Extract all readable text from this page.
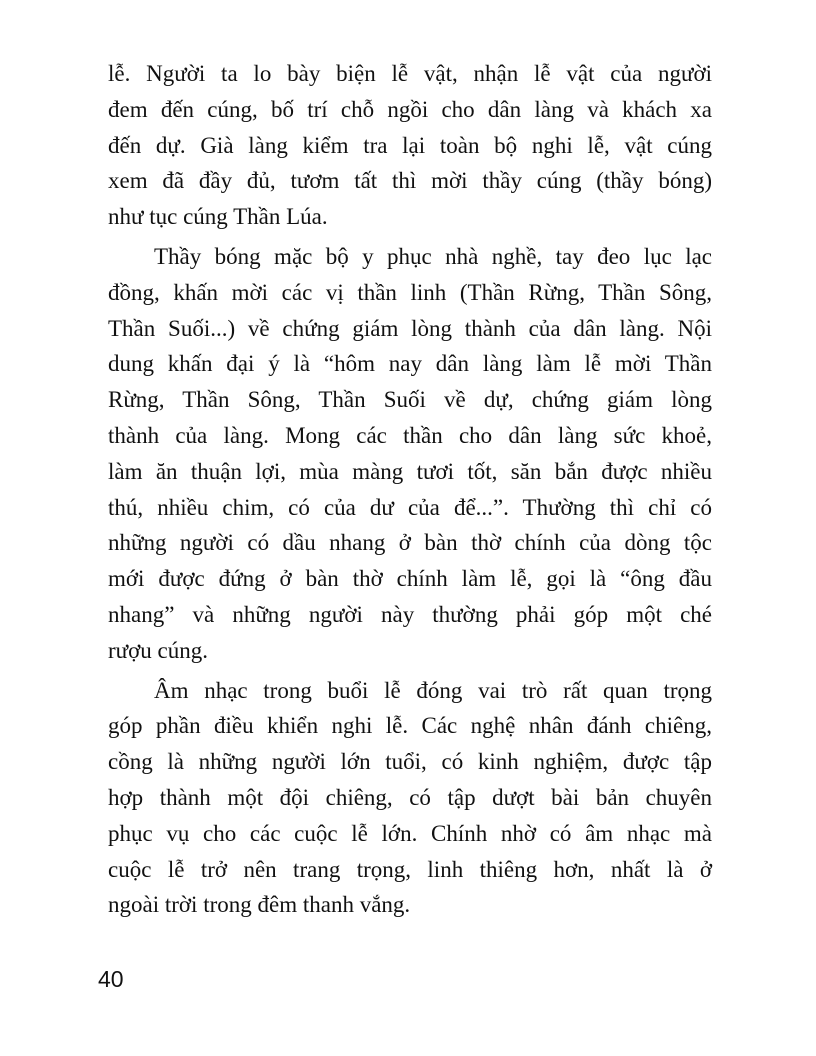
lễ. Người ta lo bày biện lễ vật, nhận lễ vật của người
đem đến cúng, bố trí chỗ ngồi cho dân làng và khách xa
đến dự. Già làng kiểm tra lại toàn bộ nghi lễ, vật cúng
xem đã đầy đủ, tươm tất thì mời thầy cúng (thầy bóng)
như tục cúng Thần Lúa.
Thầy bóng mặc bộ y phục nhà nghề, tay đeo lục lạc
đồng, khấn mời các vị thần linh (Thần Rừng, Thần Sông,
Thần Suối...) về chứng giám lòng thành của dân làng. Nội
dung khấn đại ý là “hôm nay dân làng làm lễ mời Thần
Rừng, Thần Sông, Thần Suối về dự, chứng giám lòng
thành của làng. Mong các thần cho dân làng sức khoẻ,
làm ăn thuận lợi, mùa màng tươi tốt, săn bắn được nhiều
thú, nhiều chim, có của dư của để...”. Thường thì chỉ có
những người có dầu nhang ở bàn thờ chính của dòng tộc
mới được đứng ở bàn thờ chính làm lễ, gọi là “ông đầu
nhang” và những người này thường phải góp một ché
rượu cúng.
Âm nhạc trong buổi lễ đóng vai trò rất quan trọng
góp phần điều khiển nghi lễ. Các nghệ nhân đánh chiêng,
cồng là những người lớn tuổi, có kinh nghiệm, được tập
hợp thành một đội chiêng, có tập dượt bài bản chuyên
phục vụ cho các cuộc lễ lớn. Chính nhờ có âm nhạc mà
cuộc lễ trở nên trang trọng, linh thiêng hơn, nhất là ở
ngoài trời trong đêm thanh vắng.
40
